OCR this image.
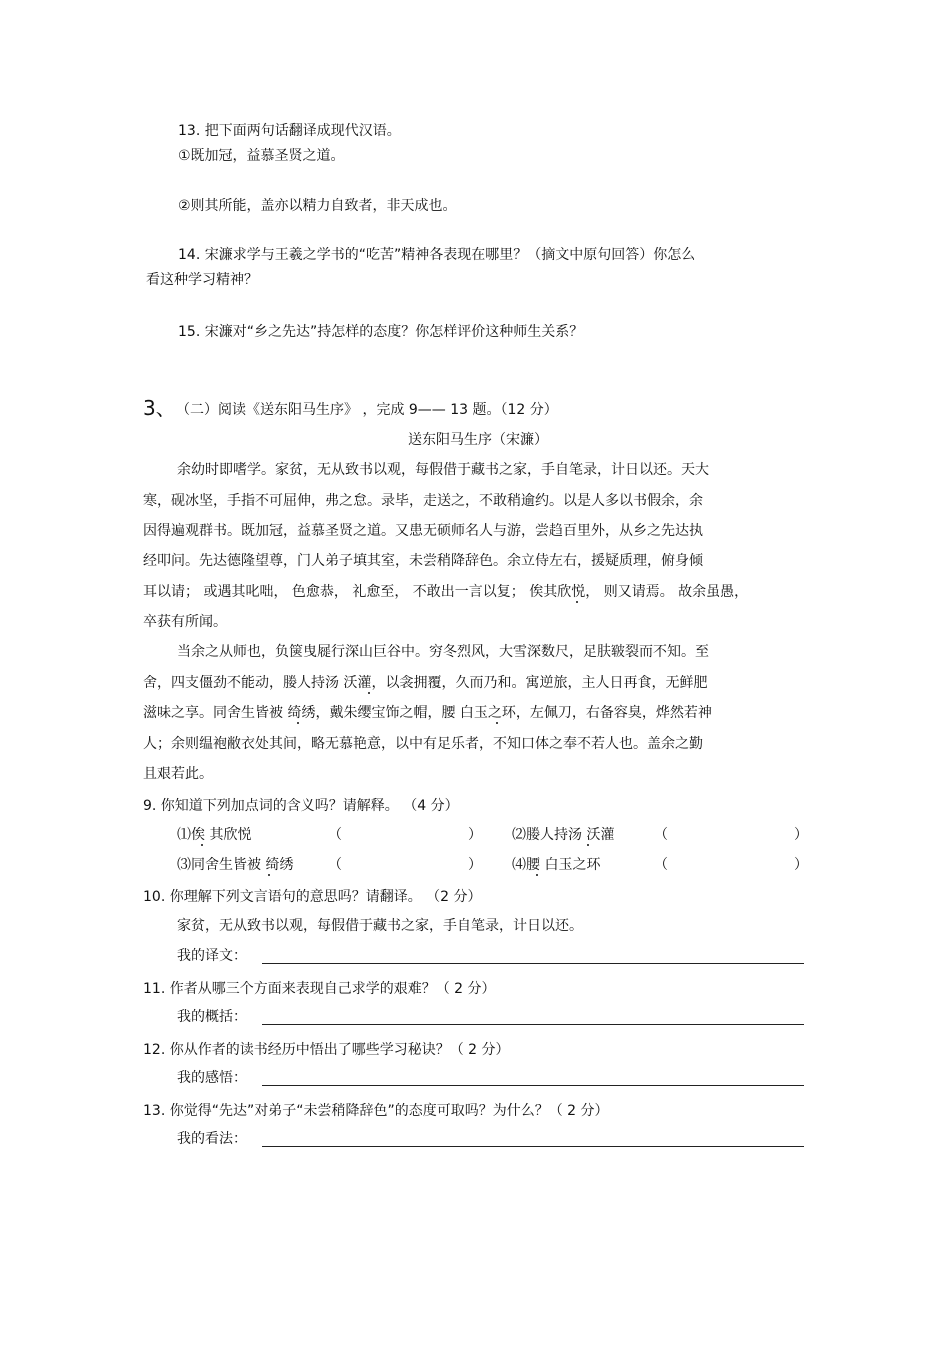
13. 把下面两句话翻译成现代汉语。
①既加冠，益慕圣贤之道。
②则其所能，盖亦以精力自致者，非天成也。
14. 宋濂求学与王羲之学书的“吃苦”精神各表现在哪里？（摘文中原句回答）你怎么
看这种学习精神？
15. 宋濂对“乡之先达”持怎样的态度？你怎样评价这种师生关系？
3、 （二）阅读《送东阳马生序》 ，完成 9—— 13 题。（12 分）
送东阳马生序（宋濂）
余幼时即嗜学。家贫，无从致书以观，每假借于藏书之家，手自笔录，计日以还。天大
寒，砚冰坚，手指不可屈伸，弗之怠。录毕，走送之，不敢稍逾约。以是人多以书假余，余
因得遍观群书。既加冠，益慕圣贤之道。又患无硕师名人与游，尝趋百里外，从乡之先达执
经叩问。先达德隆望尊，门人弟子填其室，未尝稍降辞色。余立侍左右，援疑质理，俯身倾
耳以请； 或遇其叱咄， 色愈恭， 礼愈至， 不敢出一言以复； 俟其欣悦， 则又请焉。 故余虽愚，
卒获有所闻。
当余之从师也，负箧曳屣行深山巨谷中。穷冬烈风，大雪深数尺，足肤皲裂而不知。至
舍，四支僵劲不能动，媵人持汤 沃灌，以衾拥覆，久而乃和。寓逆旅，主人日再食，无鲜肥
滋味之享。同舍生皆被 绮绣，戴朱缨宝饰之帽，腰 白玉之环，左佩刀，右备容臭，烨然若神
人；余则缊袍敝衣处其间，略无慕艳意，以中有足乐者，不知口体之奉不若人也。盖余之勤
且艰若此。
9. 你知道下列加点词的含义吗？请解释。 （4 分）
⑴俟 其欣悦	（	） ⑵媵人持汤 沃灌	（	）
⑶同舍生皆被 绮绣 （	） ⑷腰 白玉之环	（	）
10. 你理解下列文言语句的意思吗？请翻译。 （2 分）
家贫，无从致书以观，每假借于藏书之家，手自笔录，计日以还。
我的译文：
11. 作者从哪三个方面来表现自己求学的艰难？（ 2 分）
我的概括：
12. 你从作者的读书经历中悟出了哪些学习秘诀？（ 2 分）
我的感悟：
13. 你觉得“先达”对弟子“未尝稍降辞色”的态度可取吗？为什么？（ 2 分）
我的看法：
